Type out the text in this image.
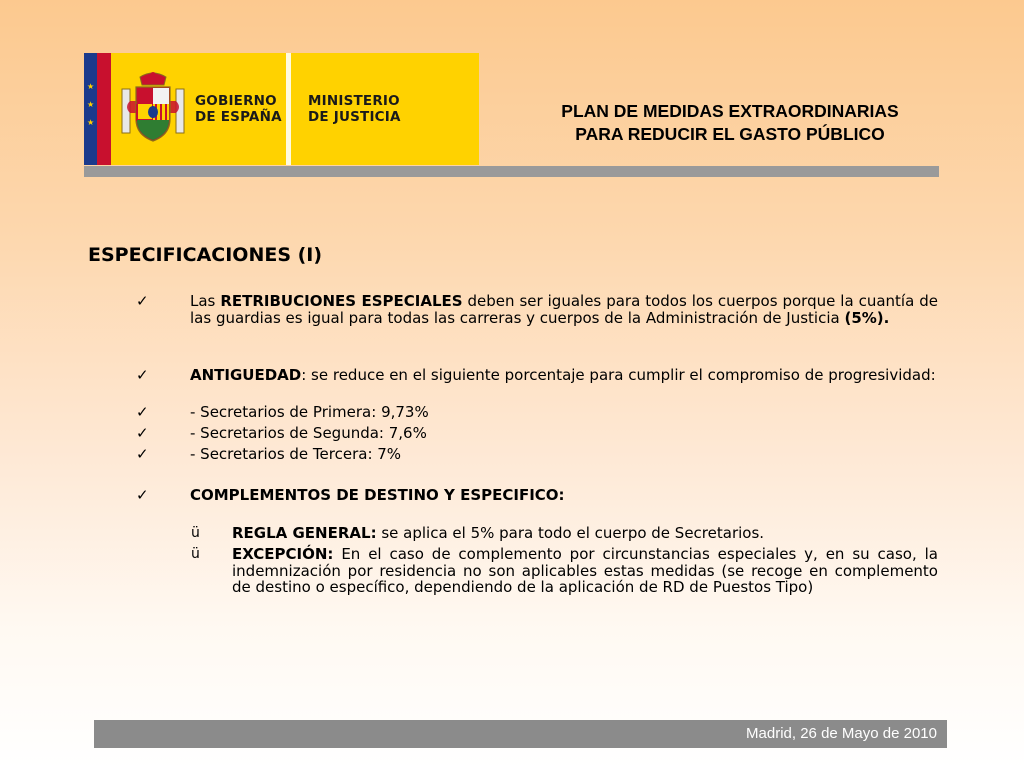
★
★
★
GOBIERNO
DE ESPAÑA
MINISTERIO
DE JUSTICIA	PLAN DE MEDIDAS EXTRAORDINARIAS
PARA REDUCIR EL GASTO PÚBLICO
ESPECIFICACIONES (I)
✓	Las RETRIBUCIONES ESPECIALES deben ser iguales para todos los cuerpos porque la cuantía de las guardias es igual para todas las carreras y cuerpos de la Administración de Justicia (5%).
✓	ANTIGUEDAD: se reduce en el siguiente porcentaje para cumplir el compromiso de progresividad:
✓	- Secretarios de Primera: 9,73%
✓	- Secretarios de Segunda: 7,6%
✓	- Secretarios de Tercera: 7%
✓	COMPLEMENTOS DE DESTINO Y ESPECIFICO:
ü REGLA GENERAL: se aplica el 5% para todo el cuerpo de Secretarios.
ü EXCEPCIÓN: En el caso de complemento por circunstancias especiales y, en su caso, la indemnización por residencia no son aplicables estas medidas (se recoge en complemento de destino o específico, dependiendo de la aplicación de RD de Puestos Tipo)
Madrid, 26 de Mayo de 2010
